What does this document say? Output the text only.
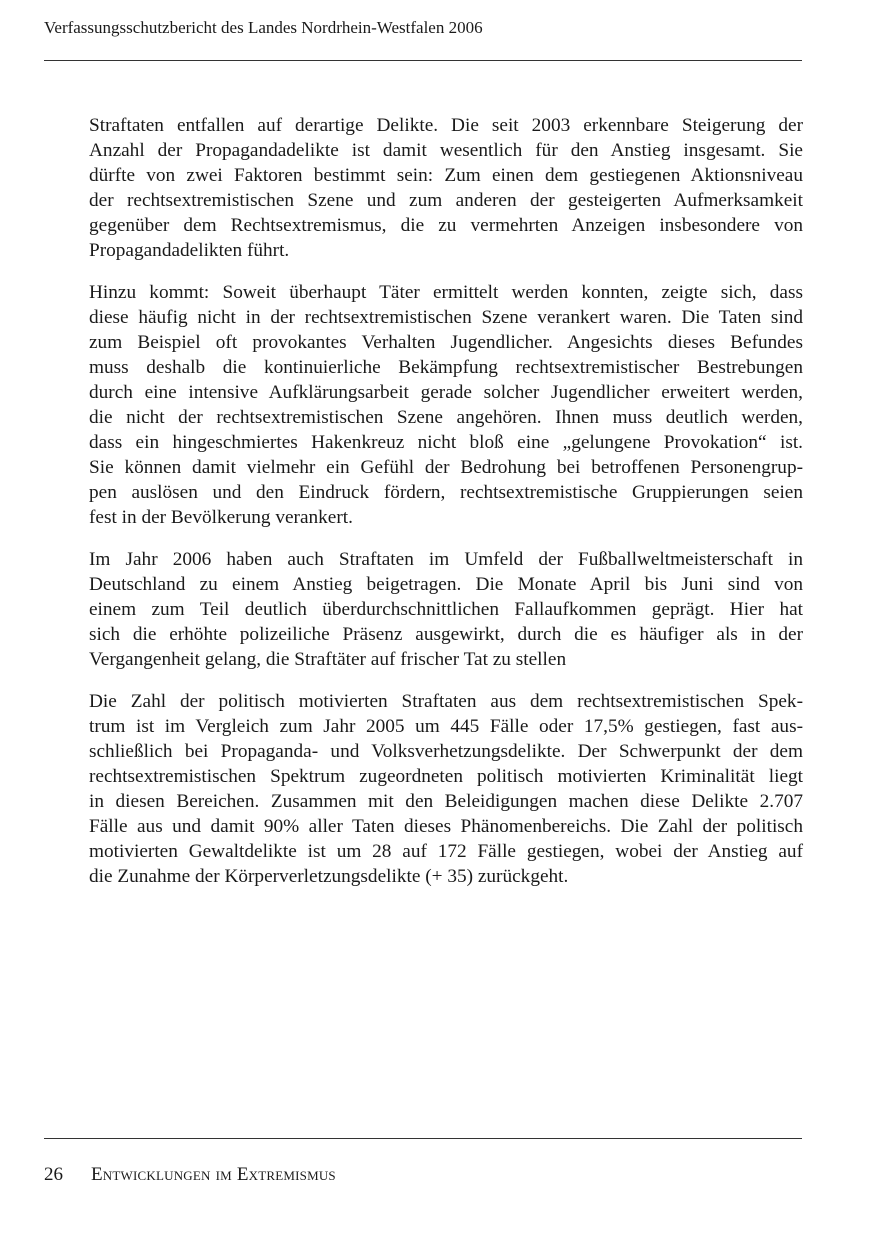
Verfassungsschutzbericht des Landes Nordrhein-Westfalen 2006

Straftaten entfallen auf derartige Delikte. Die seit 2003 erkennbare Steigerung der
Anzahl der Propagandadelikte ist damit wesentlich für den Anstieg insgesamt. Sie
dürfte von zwei Faktoren bestimmt sein: Zum einen dem gestiegenen Aktionsniveau
der rechtsextremistischen Szene und zum anderen der gesteigerten Aufmerksamkeit
gegenüber dem Rechtsextremismus, die zu vermehrten Anzeigen insbesondere von
Propagandadelikten führt.

Hinzu kommt: Soweit überhaupt Täter ermittelt werden konnten, zeigte sich, dass
diese häufig nicht in der rechtsextremistischen Szene verankert waren. Die Taten sind
zum Beispiel oft provokantes Verhalten Jugendlicher. Angesichts dieses Befundes
muss deshalb die kontinuierliche Bekämpfung rechtsextremistischer Bestrebungen
durch eine intensive Aufklärungsarbeit gerade solcher Jugendlicher erweitert werden,
die nicht der rechtsextremistischen Szene angehören. Ihnen muss deutlich werden,
dass ein hingeschmiertes Hakenkreuz nicht bloß eine „gelungene Provokation“ ist.
Sie können damit vielmehr ein Gefühl der Bedrohung bei betroffenen Personengrup-
pen auslösen und den Eindruck fördern, rechtsextremistische Gruppierungen seien
fest in der Bevölkerung verankert.

Im Jahr 2006 haben auch Straftaten im Umfeld der Fußballweltmeisterschaft in
Deutschland zu einem Anstieg beigetragen. Die Monate April bis Juni sind von
einem zum Teil deutlich überdurchschnittlichen Fallaufkommen geprägt. Hier hat
sich die erhöhte polizeiliche Präsenz ausgewirkt, durch die es häufiger als in der
Vergangenheit gelang, die Straftäter auf frischer Tat zu stellen

Die Zahl der politisch motivierten Straftaten aus dem rechtsextremistischen Spek-
trum ist im Vergleich zum Jahr 2005 um 445 Fälle oder 17,5% gestiegen, fast aus-
schließlich bei Propaganda- und Volksverhetzungsdelikte. Der Schwerpunkt der dem
rechtsextremistischen Spektrum zugeordneten politisch motivierten Kriminalität liegt
in diesen Bereichen. Zusammen mit den Beleidigungen machen diese Delikte 2.707
Fälle aus und damit 90% aller Taten dieses Phänomenbereichs. Die Zahl der politisch
motivierten Gewaltdelikte ist um 28 auf 172 Fälle gestiegen, wobei der Anstieg auf
die Zunahme der Körperverletzungsdelikte (+ 35) zurückgeht.

26 Entwicklungen im Extremismus
